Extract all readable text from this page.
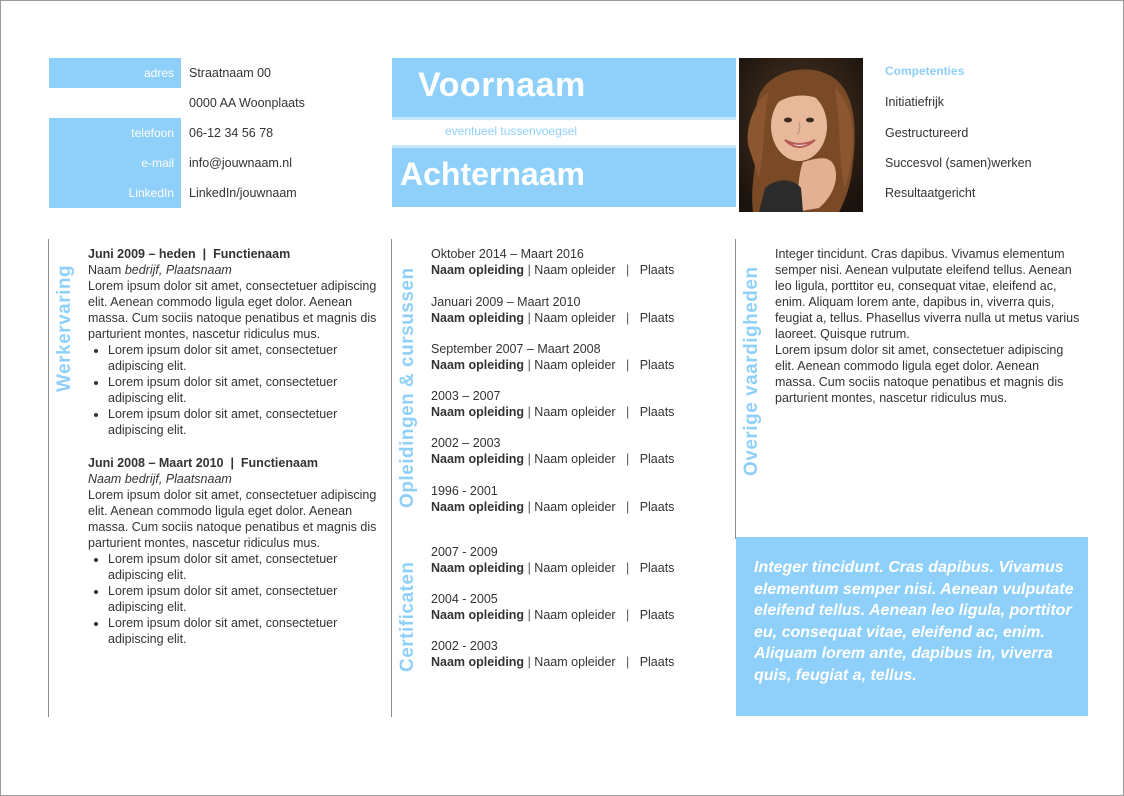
adres	Straatnaam 00
0000 AA Woonplaats
telefoon	06-12 34 56 78
e-mail	info@jouwnaam.nl
LinkedIn	LinkedIn/jouwnaam
Voornaam
eventueel tussenvoegsel
Achternaam
Competenties
Initiatiefrijk
Gestructureerd
Succesvol (samen)werken
Resultaatgericht
Werkervaring	Opleidingen & cursussen
Certificaten
Overige vaardigheden
Juni 2009 – heden | Functienaam
Naam bedrijf, Plaatsnaam
Lorem ipsum dolor sit amet, consectetuer adipiscing elit. Aenean commodo ligula eget dolor. Aenean massa. Cum sociis natoque penatibus et magnis dis parturient montes, nascetur ridiculus mus.
• Lorem ipsum dolor sit amet, consectetuer adipiscing elit.
• Lorem ipsum dolor sit amet, consectetuer adipiscing elit.
• Lorem ipsum dolor sit amet, consectetuer adipiscing elit.
Juni 2008 – Maart 2010 | Functienaam
Naam bedrijf, Plaatsnaam
Lorem ipsum dolor sit amet, consectetuer adipiscing elit. Aenean commodo ligula eget dolor. Aenean massa. Cum sociis natoque penatibus et magnis dis parturient montes, nascetur ridiculus mus.
• Lorem ipsum dolor sit amet, consectetuer adipiscing elit.
• Lorem ipsum dolor sit amet, consectetuer adipiscing elit.
• Lorem ipsum dolor sit amet, consectetuer adipiscing elit.
Oktober 2014 – Maart 2016
Naam opleiding | Naam opleider | Plaats
Januari 2009 – Maart 2010
Naam opleiding | Naam opleider | Plaats
September 2007 – Maart 2008
Naam opleiding | Naam opleider | Plaats
2003 – 2007
Naam opleiding | Naam opleider | Plaats
2002 – 2003
Naam opleiding | Naam opleider | Plaats
1996 - 2001
Naam opleiding | Naam opleider | Plaats
2007 - 2009
Naam opleiding | Naam opleider | Plaats
2004 - 2005
Naam opleiding | Naam opleider | Plaats
2002 - 2003
Naam opleiding | Naam opleider | Plaats
Integer tincidunt. Cras dapibus. Vivamus elementum semper nisi. Aenean vulputate eleifend tellus. Aenean leo ligula, porttitor eu, consequat vitae, eleifend ac, enim. Aliquam lorem ante, dapibus in, viverra quis, feugiat a, tellus. Phasellus viverra nulla ut metus varius laoreet. Quisque rutrum.
Lorem ipsum dolor sit amet, consectetuer adipiscing elit. Aenean commodo ligula eget dolor. Aenean massa. Cum sociis natoque penatibus et magnis dis parturient montes, nascetur ridiculus mus.
Integer tincidunt. Cras dapibus. Vivamus elementum semper nisi. Aenean vulputate eleifend tellus. Aenean leo ligula, porttitor eu, consequat vitae, eleifend ac, enim. Aliquam lorem ante, dapibus in, viverra quis, feugiat a, tellus.
